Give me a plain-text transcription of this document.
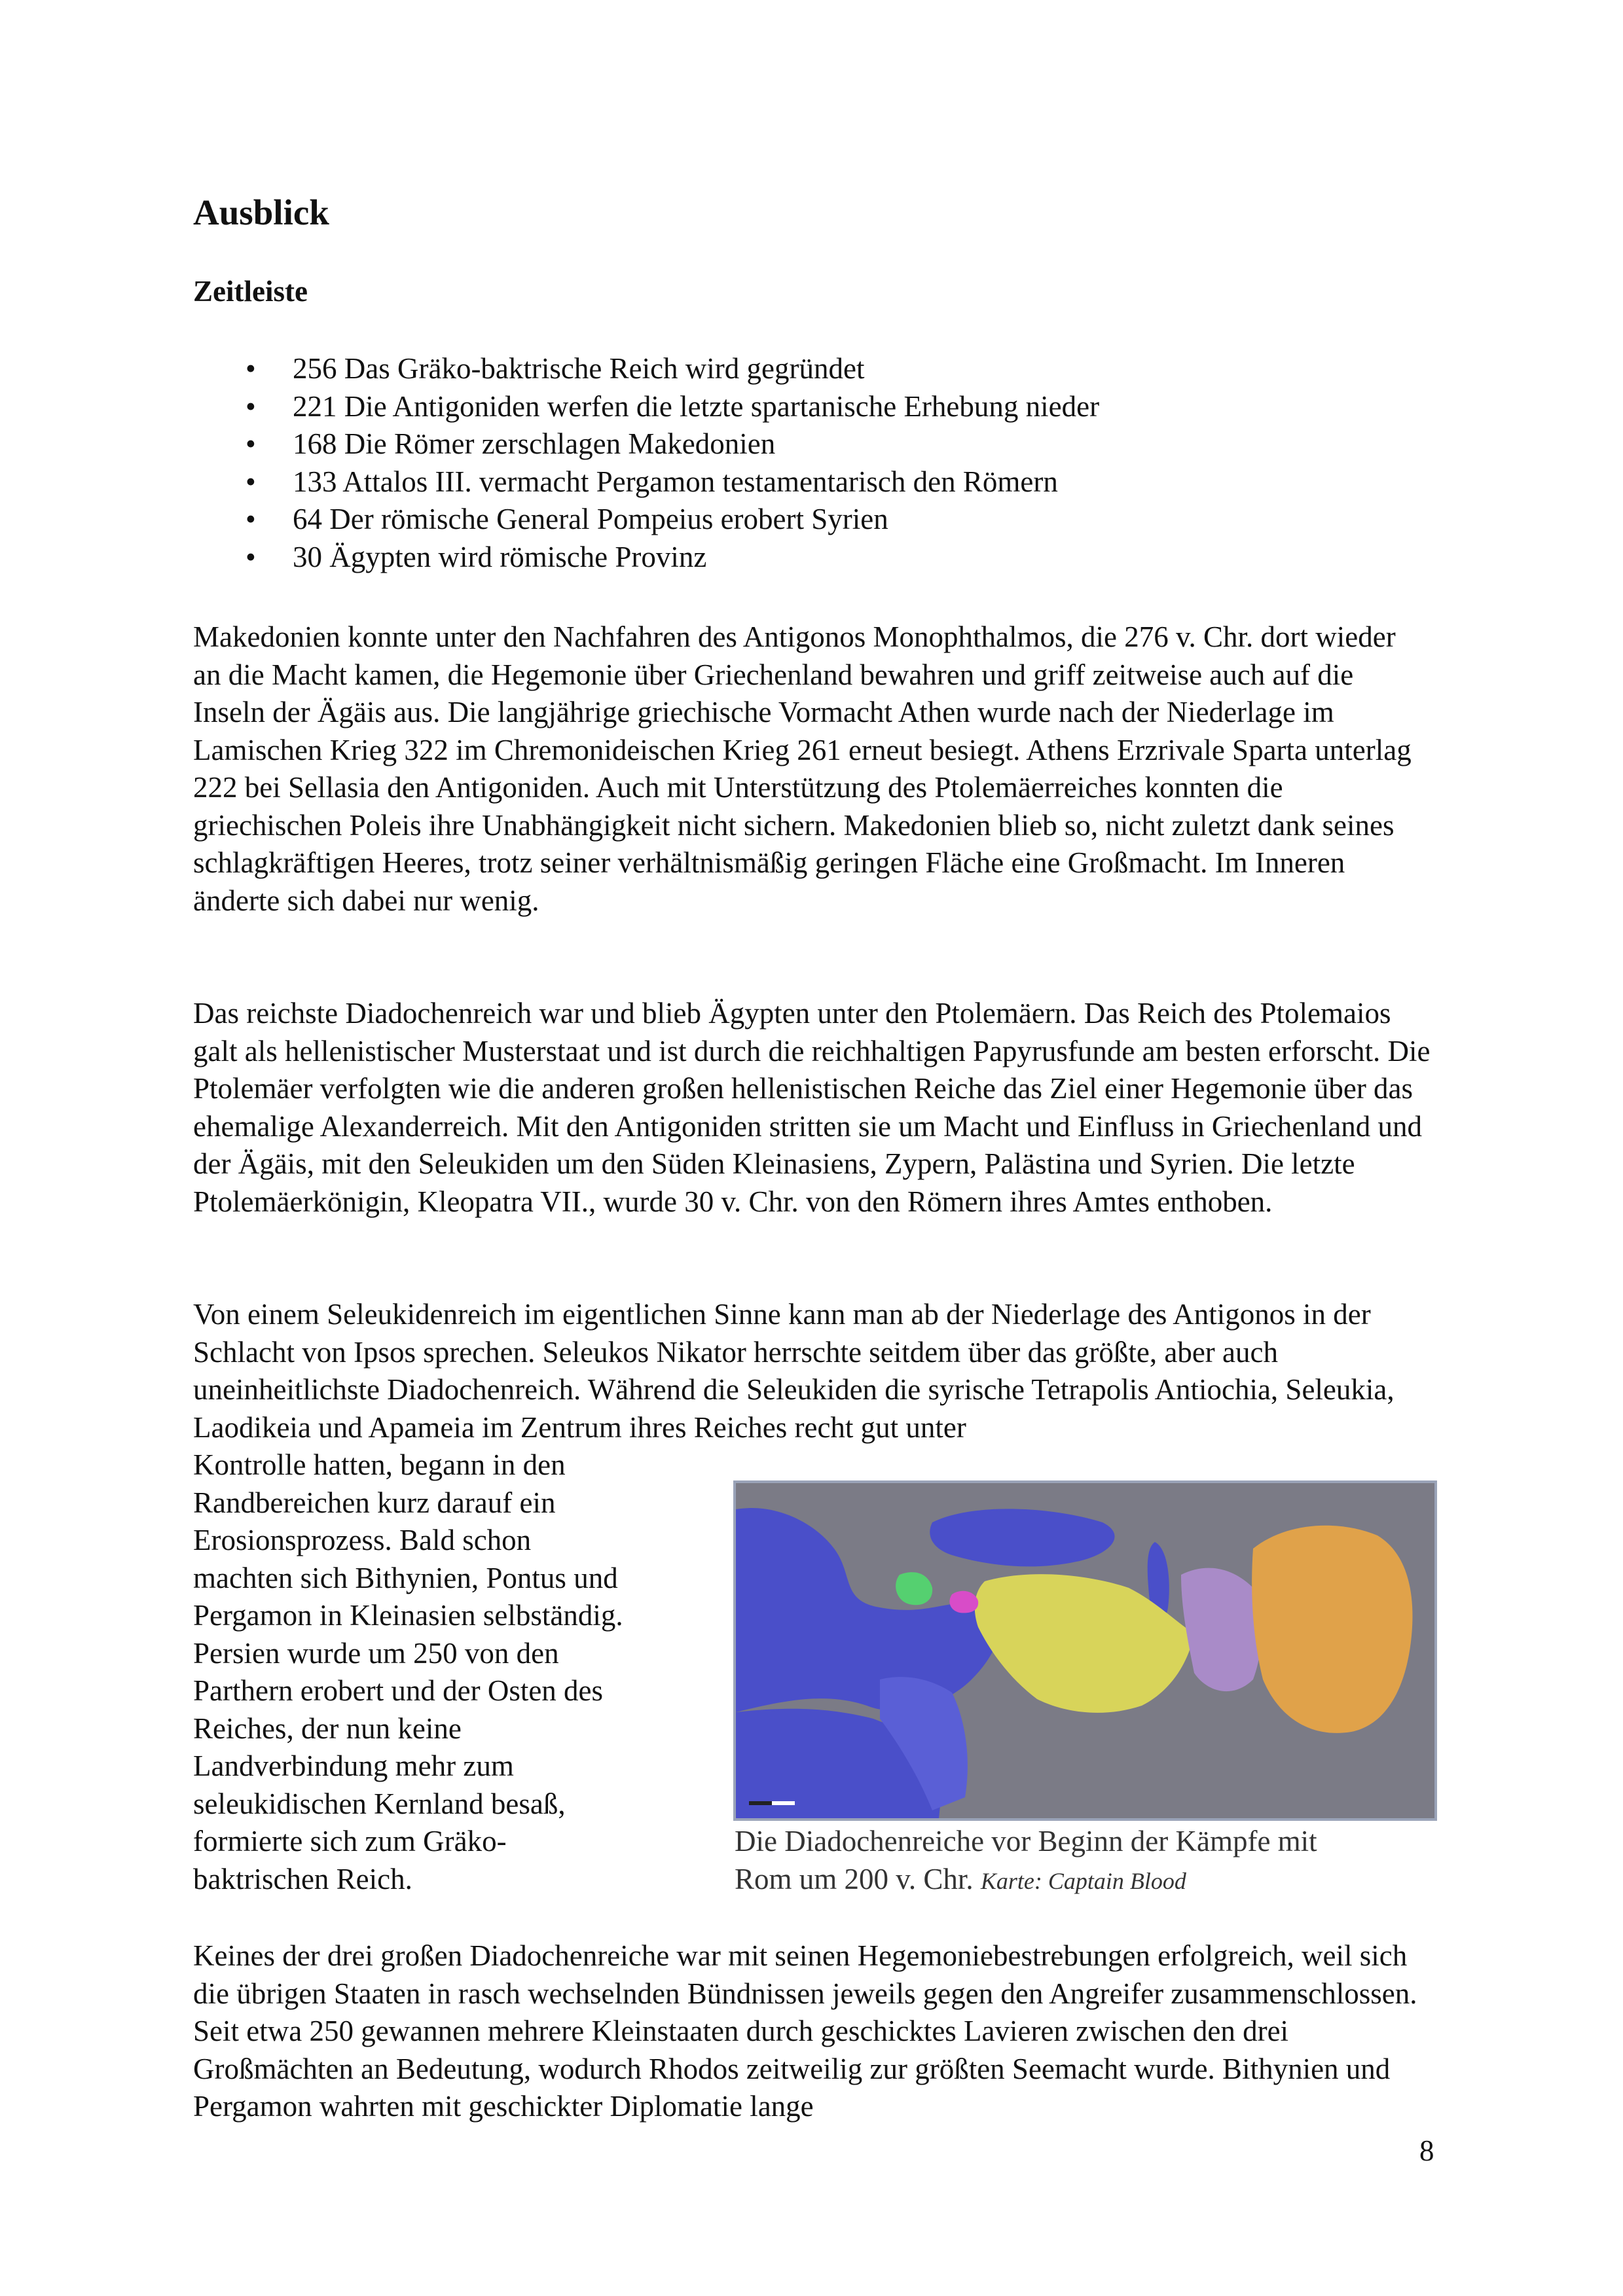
Ausblick
Zeitleiste
• 256 Das Gräko-baktrische Reich wird gegründet
• 221 Die Antigoniden werfen die letzte spartanische Erhebung nieder
• 168 Die Römer zerschlagen Makedonien
• 133 Attalos III. vermacht Pergamon testamentarisch den Römern
• 64 Der römische General Pompeius erobert Syrien
• 30 Ägypten wird römische Provinz

Makedonien konnte unter den Nachfahren des Antigonos Monophthalmos, die 276 v. Chr. dort wieder an die Macht kamen, die Hegemonie über Griechenland bewahren und griff zeitweise auch auf die Inseln der Ägäis aus. Die langjährige griechische Vormacht Athen wurde nach der Niederlage im Lamischen Krieg 322 im Chremonideischen Krieg 261 erneut besiegt. Athens Erzrivale Sparta unterlag 222 bei Sellasia den Antigoniden. Auch mit Unterstützung des Ptolemäerreiches konnten die griechischen Poleis ihre Unabhängigkeit nicht sichern. Makedonien blieb so, nicht zuletzt dank seines schlagkräftigen Heeres, trotz seiner verhältnismäßig geringen Fläche eine Großmacht. Im Inneren änderte sich dabei nur wenig.

Das reichste Diadochenreich war und blieb Ägypten unter den Ptolemäern. Das Reich des Ptolemaios galt als hellenistischer Musterstaat und ist durch die reichhaltigen Papyrusfunde am besten erforscht. Die Ptolemäer verfolgten wie die anderen großen hellenistischen Reiche das Ziel einer Hegemonie über das ehemalige Alexanderreich. Mit den Antigoniden stritten sie um Macht und Einfluss in Griechenland und der Ägäis, mit den Seleukiden um den Süden Kleinasiens, Zypern, Palästina und Syrien. Die letzte Ptolemäerkönigin, Kleopatra VII., wurde 30 v. Chr. von den Römern ihres Amtes enthoben.

Von einem Seleukidenreich im eigentlichen Sinne kann man ab der Niederlage des Antigonos in der Schlacht von Ipsos sprechen. Seleukos Nikator herrschte seitdem über das größte, aber auch uneinheitlichste Diadochenreich. Während die Seleukiden die syrische Tetrapolis Antiochia, Seleukia, Laodikeia und Apameia im Zentrum ihres Reiches recht gut unter

Kontrolle hatten, begann in den
Randbereichen kurz darauf ein
Erosionsprozess. Bald schon
machten sich Bithynien, Pontus und
Pergamon in Kleinasien selbständig.
Persien wurde um 250 von den
Parthern erobert und der Osten des
Reiches, der nun keine
Landverbindung mehr zum
seleukidischen Kernland besaß,
formierte sich zum Gräko-
baktrischen Reich.
Die Diadochenreiche vor Beginn der Kämpfe mit
Rom um 200 v. Chr. Karte: Captain Blood

Keines der drei großen Diadochenreiche war mit seinen Hegemoniebestrebungen erfolgreich, weil sich die übrigen Staaten in rasch wechselnden Bündnissen jeweils gegen den Angreifer zusammenschlossen. Seit etwa 250 gewannen mehrere Kleinstaaten durch geschicktes Lavieren zwischen den drei Großmächten an Bedeutung, wodurch Rhodos zeitweilig zur größten Seemacht wurde. Bithynien und Pergamon wahrten mit geschickter Diplomatie lange

8
